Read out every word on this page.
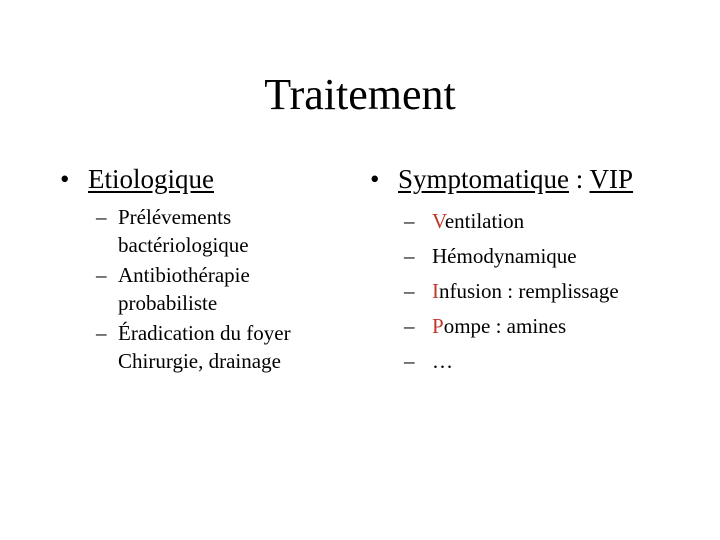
Traitement
• Etiologique
– Prélévements
bactériologique
– Antibiothérapie
probabiliste
– Éradication du foyer
Chirurgie, drainage
• Symptomatique : VIP
– Ventilation
– Hémodynamique
– Infusion : remplissage
– Pompe : amines
– …
